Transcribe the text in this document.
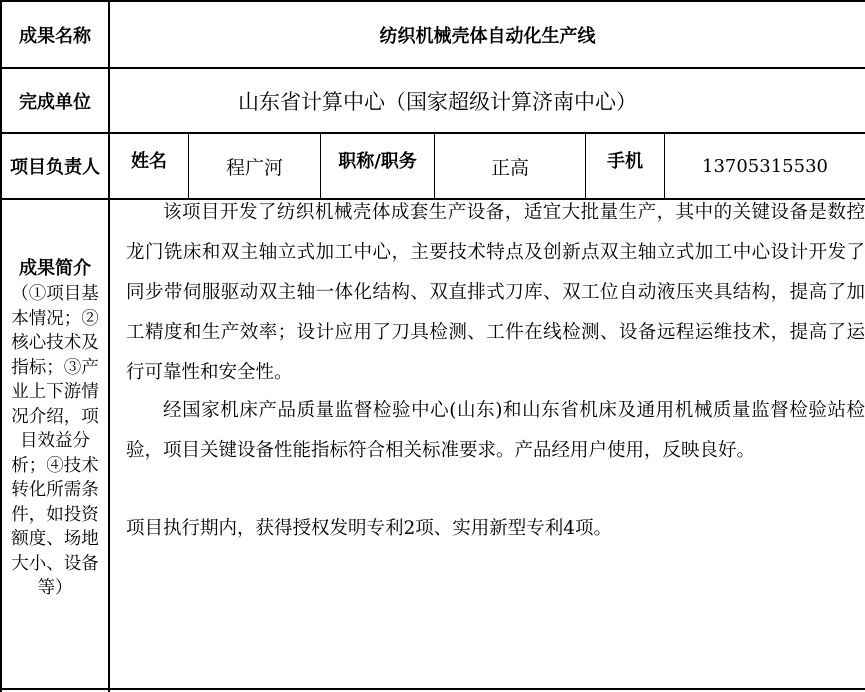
成果名称	纺织机械壳体自动化生产线
完成单位	山东省计算中心（国家超级计算济南中心）
项目负责人	姓名	程广河	职称/职务	正高	手机	13705315530
成果简介
（①项目基
本情况；②
核心技术及
指标；③产
业上下游情
况介绍，项
目效益分
析；④技术
转化所需条
件，如投资
额度、场地
大小、设备
等）

该项目开发了纺织机械壳体成套生产设备，适宜大批量生产，其中的关键设备是数控龙门铣床和双主轴立式加工中心，主要技术特点及创新点双主轴立式加工中心设计开发了同步带伺服驱动双主轴一体化结构、双直排式刀库、双工位自动液压夹具结构，提高了加工精度和生产效率；设计应用了刀具检测、工件在线检测、设备远程运维技术，提高了运行可靠性和安全性。

经国家机床产品质量监督检验中心(山东)和山东省机床及通用机械质量监督检验站检验，项目关键设备性能指标符合相关标准要求。产品经用户使用，反映良好。

项目执行期内，获得授权发明专利2项、实用新型专利4项。
